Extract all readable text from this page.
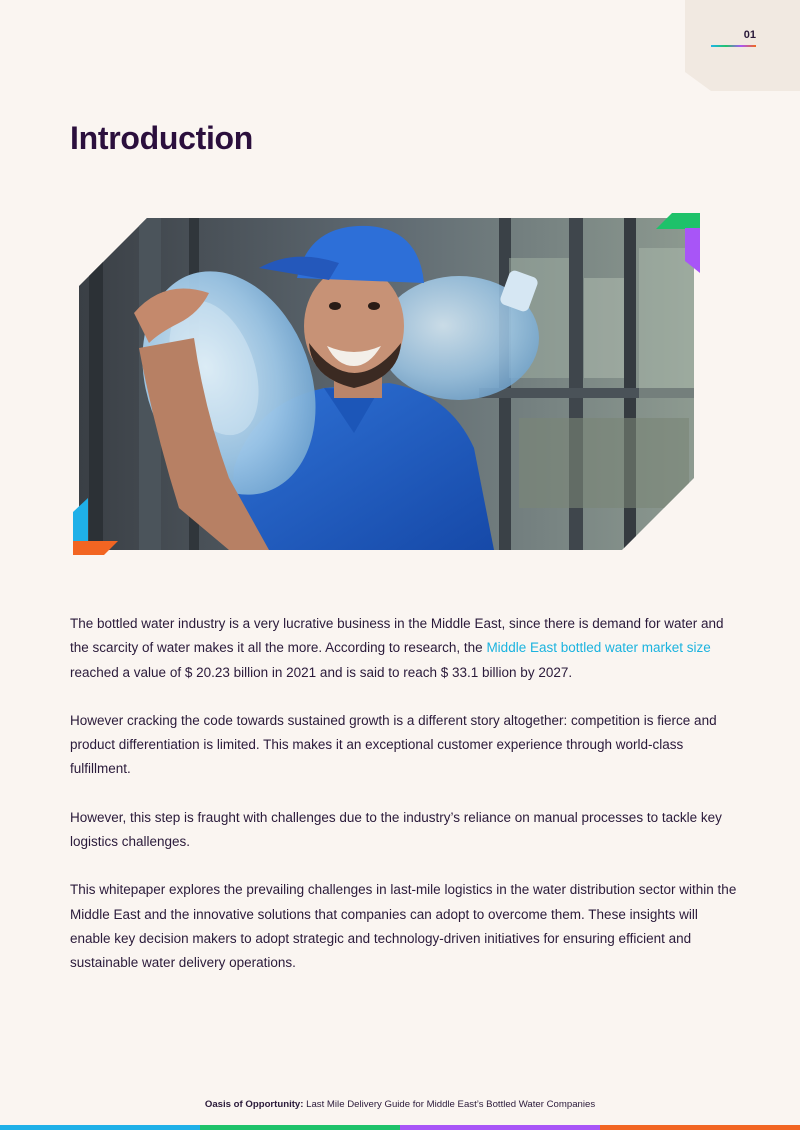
01
Introduction

The bottled water industry is a very lucrative business in the Middle East, since there is demand for water and the scarcity of water makes it all the more. According to research, the Middle East bottled water market size reached a value of $ 20.23 billion in 2021 and is said to reach $ 33.1 billion by 2027.

However cracking the code towards sustained growth is a different story altogether: competition is fierce and product differentiation is limited. This makes it an exceptional customer experience through world-class fulfillment.

However, this step is fraught with challenges due to the industry’s reliance on manual processes to tackle key logistics challenges.

This whitepaper explores the prevailing challenges in last-mile logistics in the water distribution sector within the Middle East and the innovative solutions that companies can adopt to overcome them. These insights will enable key decision makers to adopt strategic and technology-driven initiatives for ensuring efficient and sustainable water delivery operations.

Oasis of Opportunity: Last Mile Delivery Guide for Middle East’s Bottled Water Companies
